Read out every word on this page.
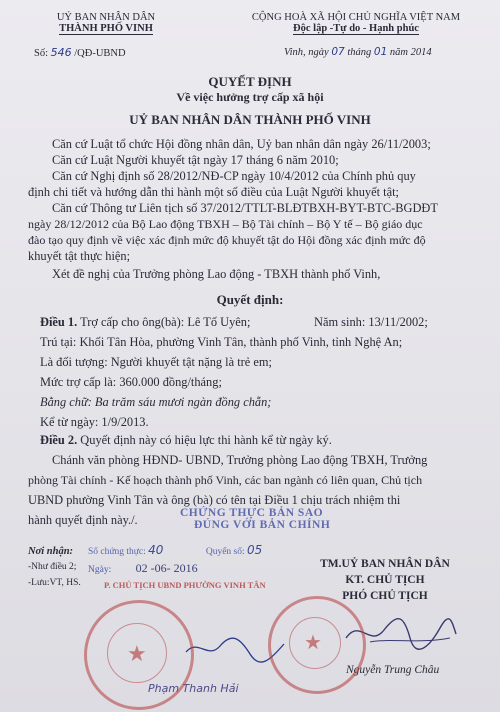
UỶ BAN NHÂN DÂN
THÀNH PHỐ VINH
Số: 546 /QĐ-UBND
CỘNG HOÀ XÃ HỘI CHỦ NGHĨA VIỆT NAM
Độc lập -Tự do - Hạnh phúc
Vinh, ngày 07 tháng 01 năm 2014
QUYẾT ĐỊNH
Về việc hưởng trợ cấp xã hội
UỶ BAN NHÂN DÂN THÀNH PHỐ VINH
Căn cứ Luật tổ chức Hội đồng nhân dân, Uỷ ban nhân dân ngày 26/11/2003;
Căn cứ Luật Người khuyết tật ngày 17 tháng 6 năm 2010;
Căn cứ Nghị định số 28/2012/NĐ-CP ngày 10/4/2012 của Chính phủ quy
định chi tiết và hướng dẫn thi hành một số điều của Luật Người khuyết tật;
Căn cứ Thông tư Liên tịch số 37/2012/TTLT-BLĐTBXH-BYT-BTC-BGDĐT
ngày 28/12/2012 của Bộ Lao động TBXH – Bộ Tài chính – Bộ Y tế – Bộ giáo dục
đào tạo quy định về việc xác định mức độ khuyết tật do Hội đồng xác định mức độ
khuyết tật thực hiện;
Xét đề nghị của Trưởng phòng Lao động - TBXH thành phố Vinh,
Quyết định:
Điều 1. Trợ cấp cho ông(bà): Lê Tố Uyên;	Năm sinh: 13/11/2002;
Trú tại: Khối Tân Hòa, phường Vinh Tân, thành phố Vinh, tỉnh Nghệ An;
Là đối tượng: Người khuyết tật nặng là trẻ em;
Mức trợ cấp là: 360.000 đồng/tháng;
Bằng chữ: Ba trăm sáu mươi ngàn đồng chẵn;
Kể từ ngày: 1/9/2013.
Điều 2. Quyết định này có hiệu lực thi hành kể từ ngày ký.
Chánh văn phòng HĐND- UBND, Trưởng phòng Lao động TBXH, Trưởng
phòng Tài chính - Kế hoạch thành phố Vinh, các ban ngành có liên quan, Chủ tịch
UBND phường Vinh Tân và ông (bà) có tên tại Điều 1 chịu trách nhiệm thi
hành quyết định này./.	CHỨNG THỰC BẢN SAO
ĐÚNG VỚI BẢN CHÍNH
Số chứng thực: 40	Quyển số: 05
Ngày: 02 -06- 2016
P. CHỦ TỊCH UBND PHƯỜNG VINH TÂN
Nơi nhận:
-Như điều 2;
-Lưu:VT, HS.
TM.UỶ BAN NHÂN DÂN
KT. CHỦ TỊCH
PHÓ CHỦ TỊCH
Nguyễn Trung Châu
Phạm Thanh Hải
★	★
